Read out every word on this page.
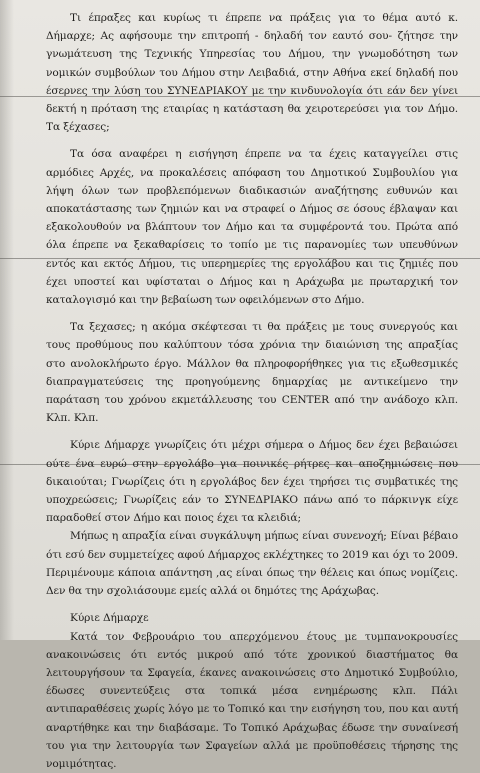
Τι έπραξες και κυρίως τι έπρεπε να πράξεις για το θέμα αυτό κ. Δήμαρχε; Ας αφήσουμε την επιτροπή - δηλαδή τον εαυτό σου- ζήτησε την γνωμάτευση της Τεχνικής Υπηρεσίας του Δήμου, την γνωμοδότηση των νομικών συμβούλων του Δήμου στην Λειβαδιά, στην Αθήνα εκεί δηλαδή που έσερνες την λύση του ΣΥΝΕΔΡΙΑΚΟΥ με την κινδυνολογία ότι εάν δεν γίνει δεκτή η πρόταση της εταιρίας η κατάσταση θα χειροτερεύσει για τον Δήμο. Τα ξέχασες;

Τα όσα αναφέρει η εισήγηση έπρεπε να τα έχεις καταγγείλει στις αρμόδιες Αρχές, να προκαλέσεις απόφαση του Δημοτικού Συμβουλίου για λήψη όλων των προβλεπόμενων διαδικασιών αναζήτησης ευθυνών και αποκατάστασης των ζημιών και να στραφεί ο Δήμος σε όσους έβλαψαν και εξακολουθούν να βλάπτουν τον Δήμο και τα συμφέροντά του. Πρώτα από όλα έπρεπε να ξεκαθαρίσεις το τοπίο με τις παρανομίες των υπευθύνων εντός και εκτός Δήμου, τις υπερημερίες της εργολάβου και τις ζημιές που έχει υποστεί και υφίσταται ο Δήμος και η Αράχωβα με πρωταρχική τον καταλογισμό και την βεβαίωση των οφειλόμενων στο Δήμο.

Τα ξεχασες; η ακόμα σκέφτεσαι τι θα πράξεις με τους συνεργούς και τους προθύμους που καλύπτουν τόσα χρόνια την διαιώνιση της απραξίας στο ανολοκλήρωτο έργο. Μάλλον θα πληροφορήθηκες για τις εξωθεσμικές διαπραγματεύσεις της προηγούμενης δημαρχίας με αντικείμενο την παράταση του χρόνου εκμετάλλευσης του CENTER από την ανάδοχο κλπ. Κλπ. Κλπ.

Κύριε Δήμαρχε γνωρίζεις ότι μέχρι σήμερα ο Δήμος δεν έχει βεβαιώσει ούτε ένα ευρώ στην εργολάβο για ποινικές ρήτρες και αποζημιώσεις που δικαιούται; Γνωρίζεις ότι η εργολάβος δεν έχει τηρήσει τις συμβατικές της υποχρεώσεις; Γνωρίζεις εάν το ΣΥΝΕΔΡΙΑΚΟ πάνω από το πάρκινγκ είχε παραδοθεί στον Δήμο και ποιος έχει τα κλειδιά;

Μήπως η απραξία είναι συγκάλυψη μήπως είναι συνενοχή; Είναι βέβαιο ότι εσύ δεν συμμετείχες αφού Δήμαρχος εκλέχτηκες το 2019 και όχι το 2009. Περιμένουμε κάποια απάντηση ,ας είναι όπως την θέλεις και όπως νομίζεις. Δεν θα την σχολιάσουμε εμείς αλλά οι δημότες της Αράχωβας.

Κύριε Δήμαρχε

Κατά τον Φεβρουάριο του απερχόμενου έτους με τυμπανοκρουσίες ανακοινώσεις ότι εντός μικρού από τότε χρονικού διαστήματος θα λειτουργήσουν τα Σφαγεία, έκανες ανακοινώσεις στο Δημοτικό Συμβούλιο, έδωσες συνεντεύξεις στα τοπικά μέσα ενημέρωσης κλπ. Πάλι αντιπαραθέσεις χωρίς λόγο με το Τοπικό και την εισήγηση του, που και αυτή αναρτήθηκε και την διαβάσαμε. Το Τοπικό Αράχωβας έδωσε την συναίνεσή του για την λειτουργία των Σφαγείων αλλά με προϋποθέσεις τήρησης της νομιμότητας.
